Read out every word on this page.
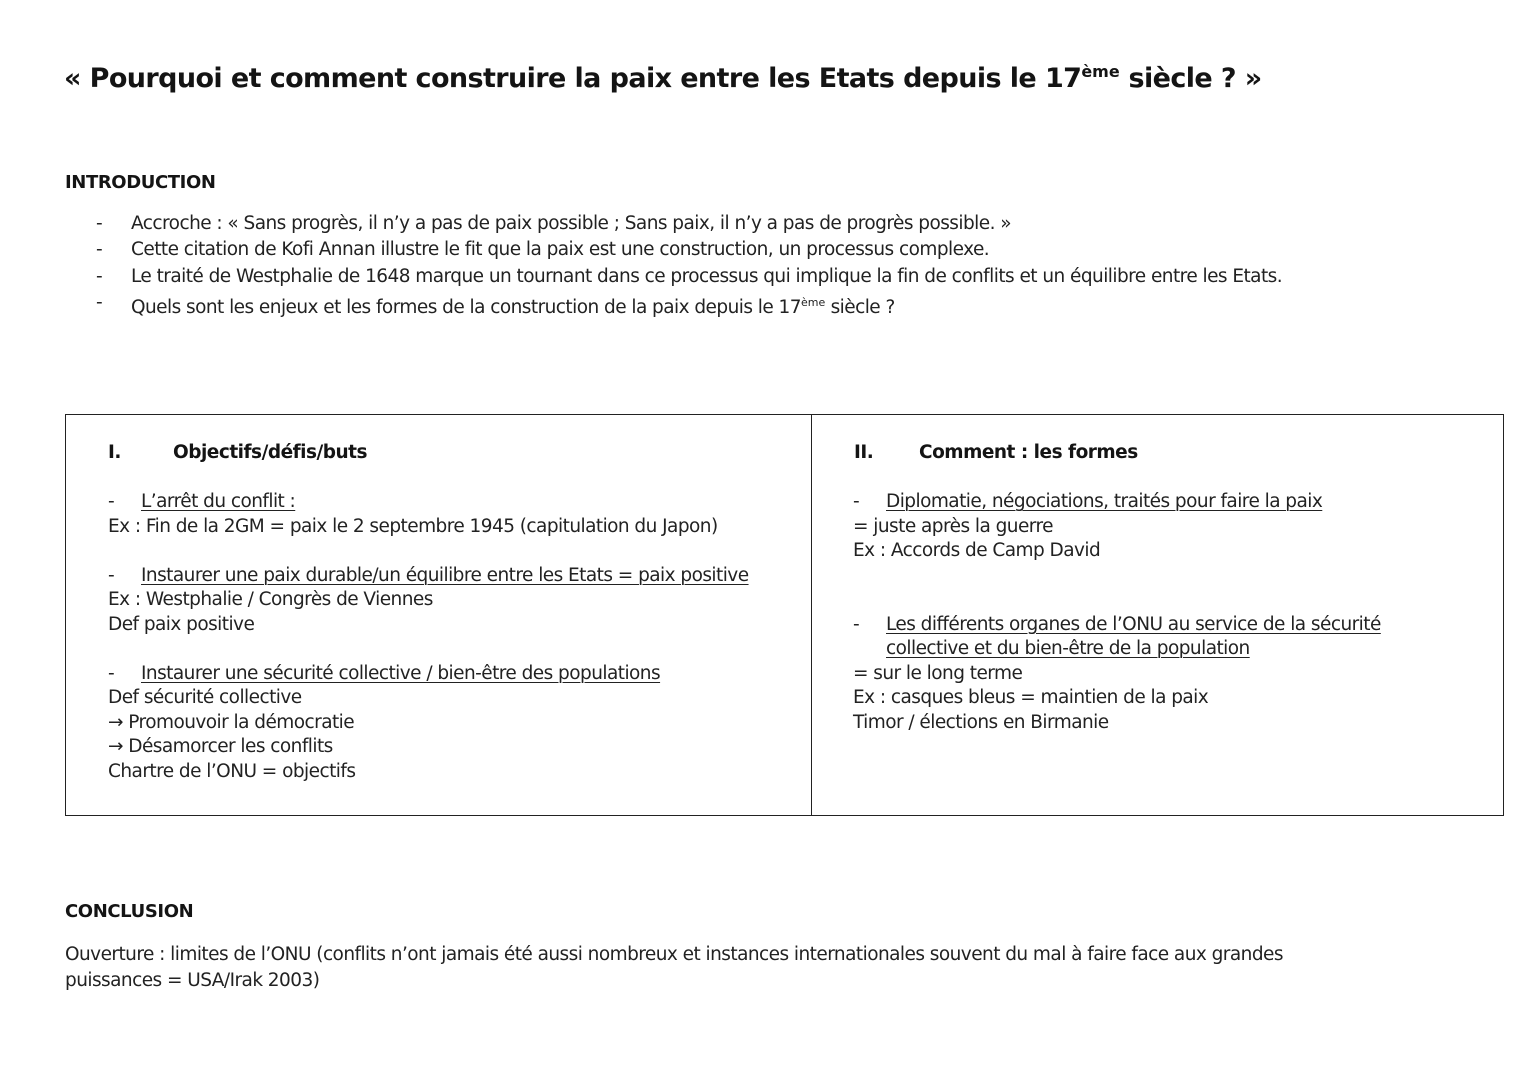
« Pourquoi et comment construire la paix entre les Etats depuis le 17ème siècle ? »
INTRODUCTION
- Accroche : « Sans progrès, il n’y a pas de paix possible ; Sans paix, il n’y a pas de progrès possible. »
- Cette citation de Kofi Annan illustre le fit que la paix est une construction, un processus complexe.
- Le traité de Westphalie de 1648 marque un tournant dans ce processus qui implique la fin de conflits et un équilibre entre les Etats.
- Quels sont les enjeux et les formes de la construction de la paix depuis le 17ème siècle ?
I.	Objectifs/défis/buts
- L’arrêt du conflit :
Ex : Fin de la 2GM = paix le 2 septembre 1945 (capitulation du Japon)
- Instaurer une paix durable/un équilibre entre les Etats = paix positive
Ex : Westphalie / Congrès de Viennes
Def paix positive
- Instaurer une sécurité collective / bien-être des populations
Def sécurité collective
→ Promouvoir la démocratie
→ Désamorcer les conflits
Chartre de l’ONU = objectifs
II. Comment : les formes
- Diplomatie, négociations, traités pour faire la paix
= juste après la guerre
Ex : Accords de Camp David
- Les différents organes de l’ONU au service de la sécurité
collective et du bien-être de la population
= sur le long terme
Ex : casques bleus = maintien de la paix
Timor / élections en Birmanie
CONCLUSION
Ouverture : limites de l’ONU (conflits n’ont jamais été aussi nombreux et instances internationales souvent du mal à faire face aux grandes
puissances = USA/Irak 2003)
